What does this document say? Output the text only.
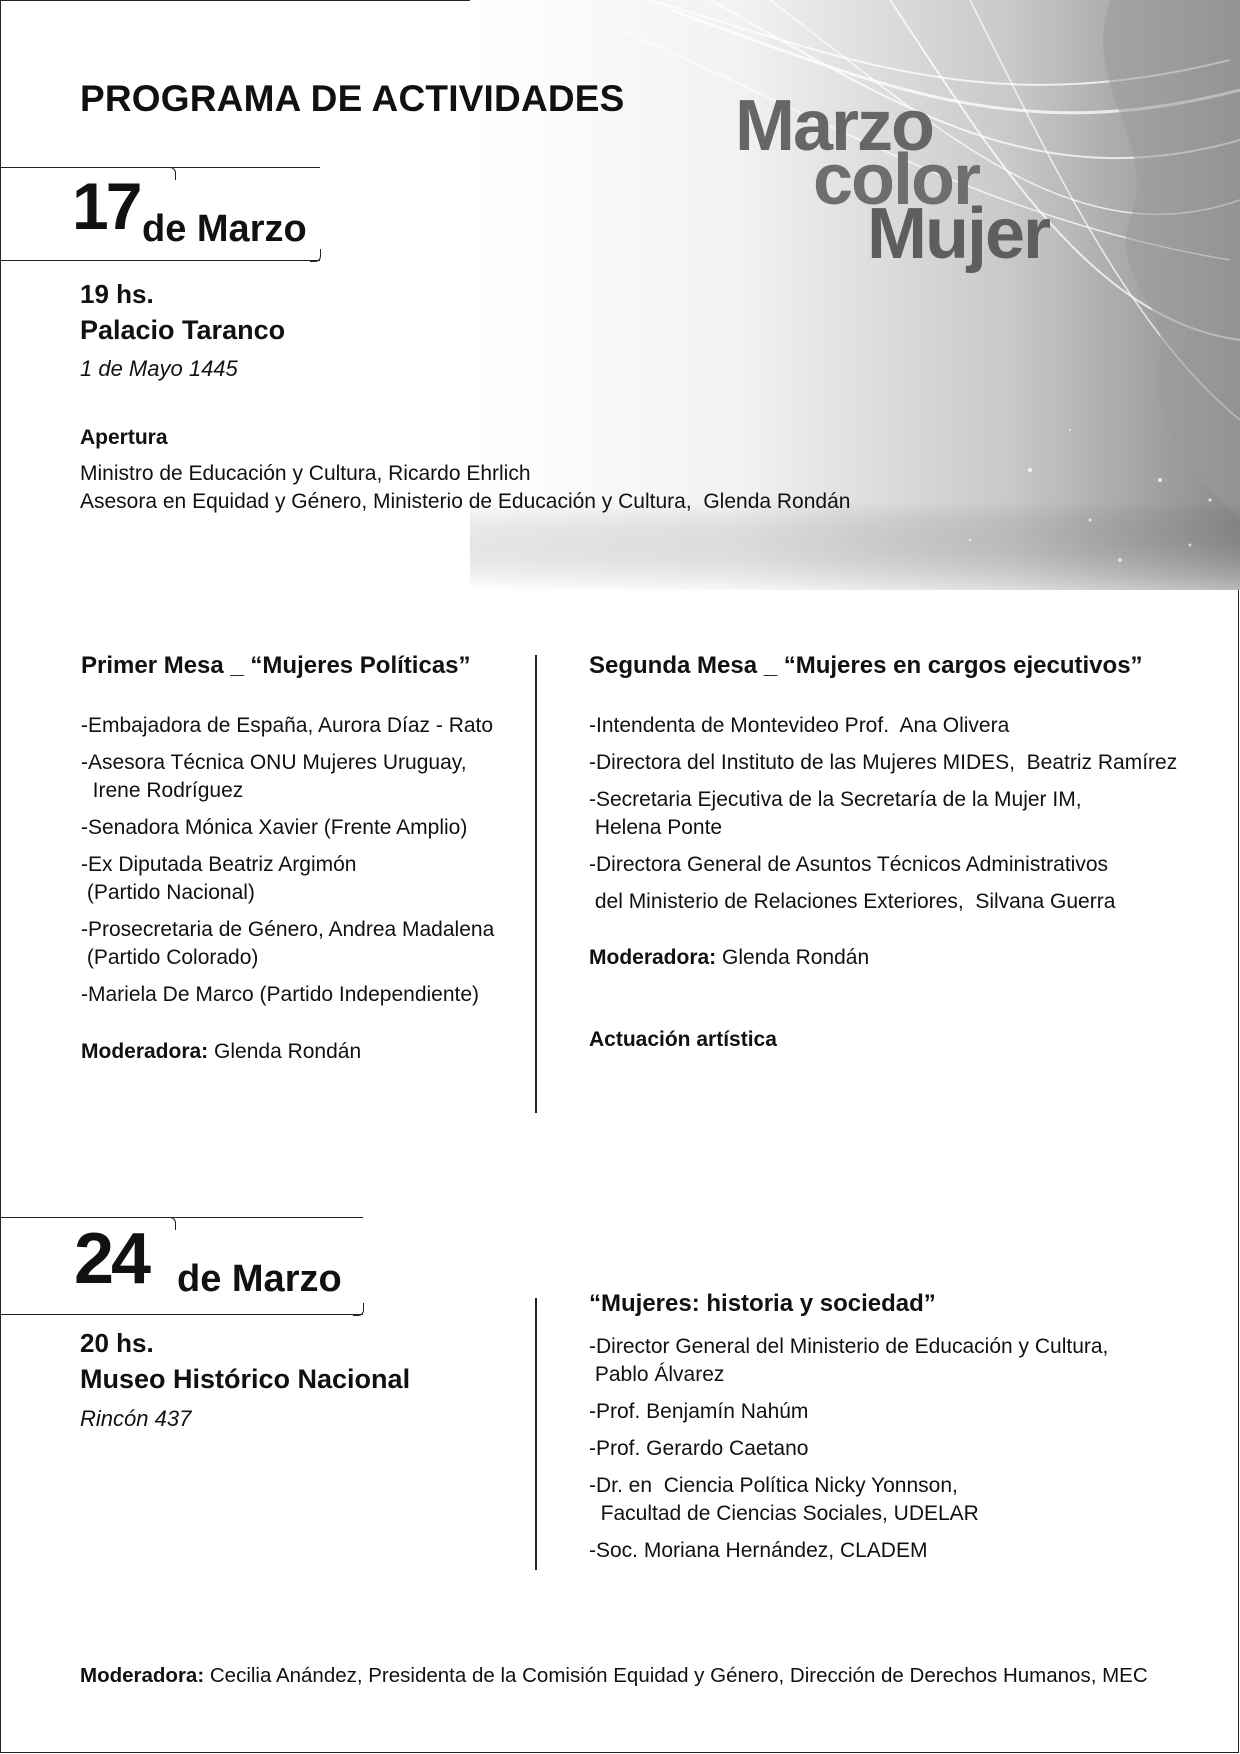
PROGRAMA DE ACTIVIDADES Marzo
color
Mujer
17 de Marzo
19 hs.
Palacio Taranco
1 de Mayo 1445
Apertura
Ministro de Educación y Cultura, Ricardo Ehrlich
Asesora en Equidad y Género, Ministerio de Educación y Cultura,  Glenda Rondán
Primer Mesa _ “Mujeres Políticas”
-Embajadora de España, Aurora Díaz - Rato
-Asesora Técnica ONU Mujeres Uruguay,
Irene Rodríguez
-Senadora Mónica Xavier (Frente Amplio)
-Ex Diputada Beatriz Argimón
(Partido Nacional)
-Prosecretaria de Género, Andrea Madalena
(Partido Colorado)
-Mariela De Marco (Partido Independiente)
Moderadora: Glenda Rondán
Segunda Mesa _ “Mujeres en cargos ejecutivos”
-Intendenta de Montevideo Prof.  Ana Olivera
-Directora del Instituto de las Mujeres MIDES,  Beatriz Ramírez
-Secretaria Ejecutiva de la Secretaría de la Mujer IM,
Helena Ponte
-Directora General de Asuntos Técnicos Administrativos
del Ministerio de Relaciones Exteriores,  Silvana Guerra
Moderadora: Glenda Rondán
Actuación artística
24 de Marzo
20 hs.
Museo Histórico Nacional
Rincón 437
“Mujeres: historia y sociedad”
-Director General del Ministerio de Educación y Cultura,
Pablo Álvarez
-Prof. Benjamín Nahúm
-Prof. Gerardo Caetano
-Dr. en  Ciencia Política Nicky Yonnson,
Facultad de Ciencias Sociales, UDELAR
-Soc. Moriana Hernández, CLADEM
Moderadora: Cecilia Anández, Presidenta de la Comisión Equidad y Género, Dirección de Derechos Humanos, MEC
